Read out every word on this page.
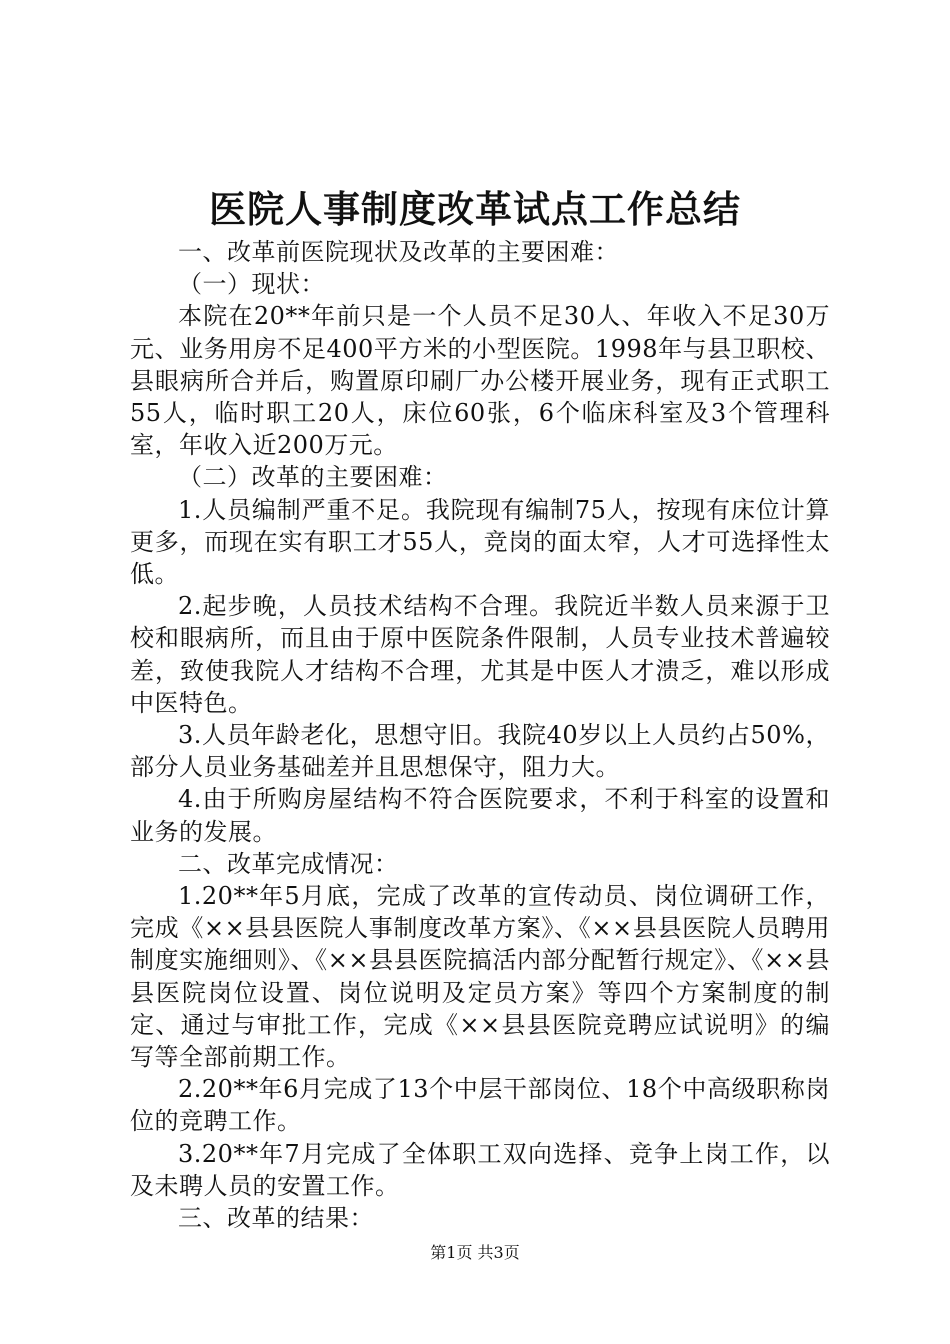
医院人事制度改革试点工作总结

一、改革前医院现状及改革的主要困难：

（一）现状：

本院在20**年前只是一个人员不足30人、年收入不足30万元、业务用房不足400平方米的小型医院。1998年与县卫职校、县眼病所合并后，购置原印刷厂办公楼开展业务，现有正式职工55人，临时职工20人，床位60张，6个临床科室及3个管理科室，年收入近200万元。

（二）改革的主要困难：

1.人员编制严重不足。我院现有编制75人，按现有床位计算更多，而现在实有职工才55人，竞岗的面太窄，人才可选择性太低。

2.起步晚，人员技术结构不合理。我院近半数人员来源于卫校和眼病所，而且由于原中医院条件限制，人员专业技术普遍较差，致使我院人才结构不合理，尤其是中医人才溃乏，难以形成中医特色。

3.人员年龄老化，思想守旧。我院40岁以上人员约占50%，部分人员业务基础差并且思想保守，阻力大。

4.由于所购房屋结构不符合医院要求，不利于科室的设置和业务的发展。

二、改革完成情况：

1.20**年5月底，完成了改革的宣传动员、岗位调研工作，完成《××县县医院人事制度改革方案》、《××县县医院人员聘用制度实施细则》、《××县县医院搞活内部分配暂行规定》、《××县县医院岗位设置、岗位说明及定员方案》等四个方案制度的制定、通过与审批工作，完成《××县县医院竞聘应试说明》的编写等全部前期工作。

2.20**年6月完成了13个中层干部岗位、18个中高级职称岗位的竞聘工作。

3.20**年7月完成了全体职工双向选择、竞争上岗工作，以及未聘人员的安置工作。

三、改革的结果：

第1页 共3页
